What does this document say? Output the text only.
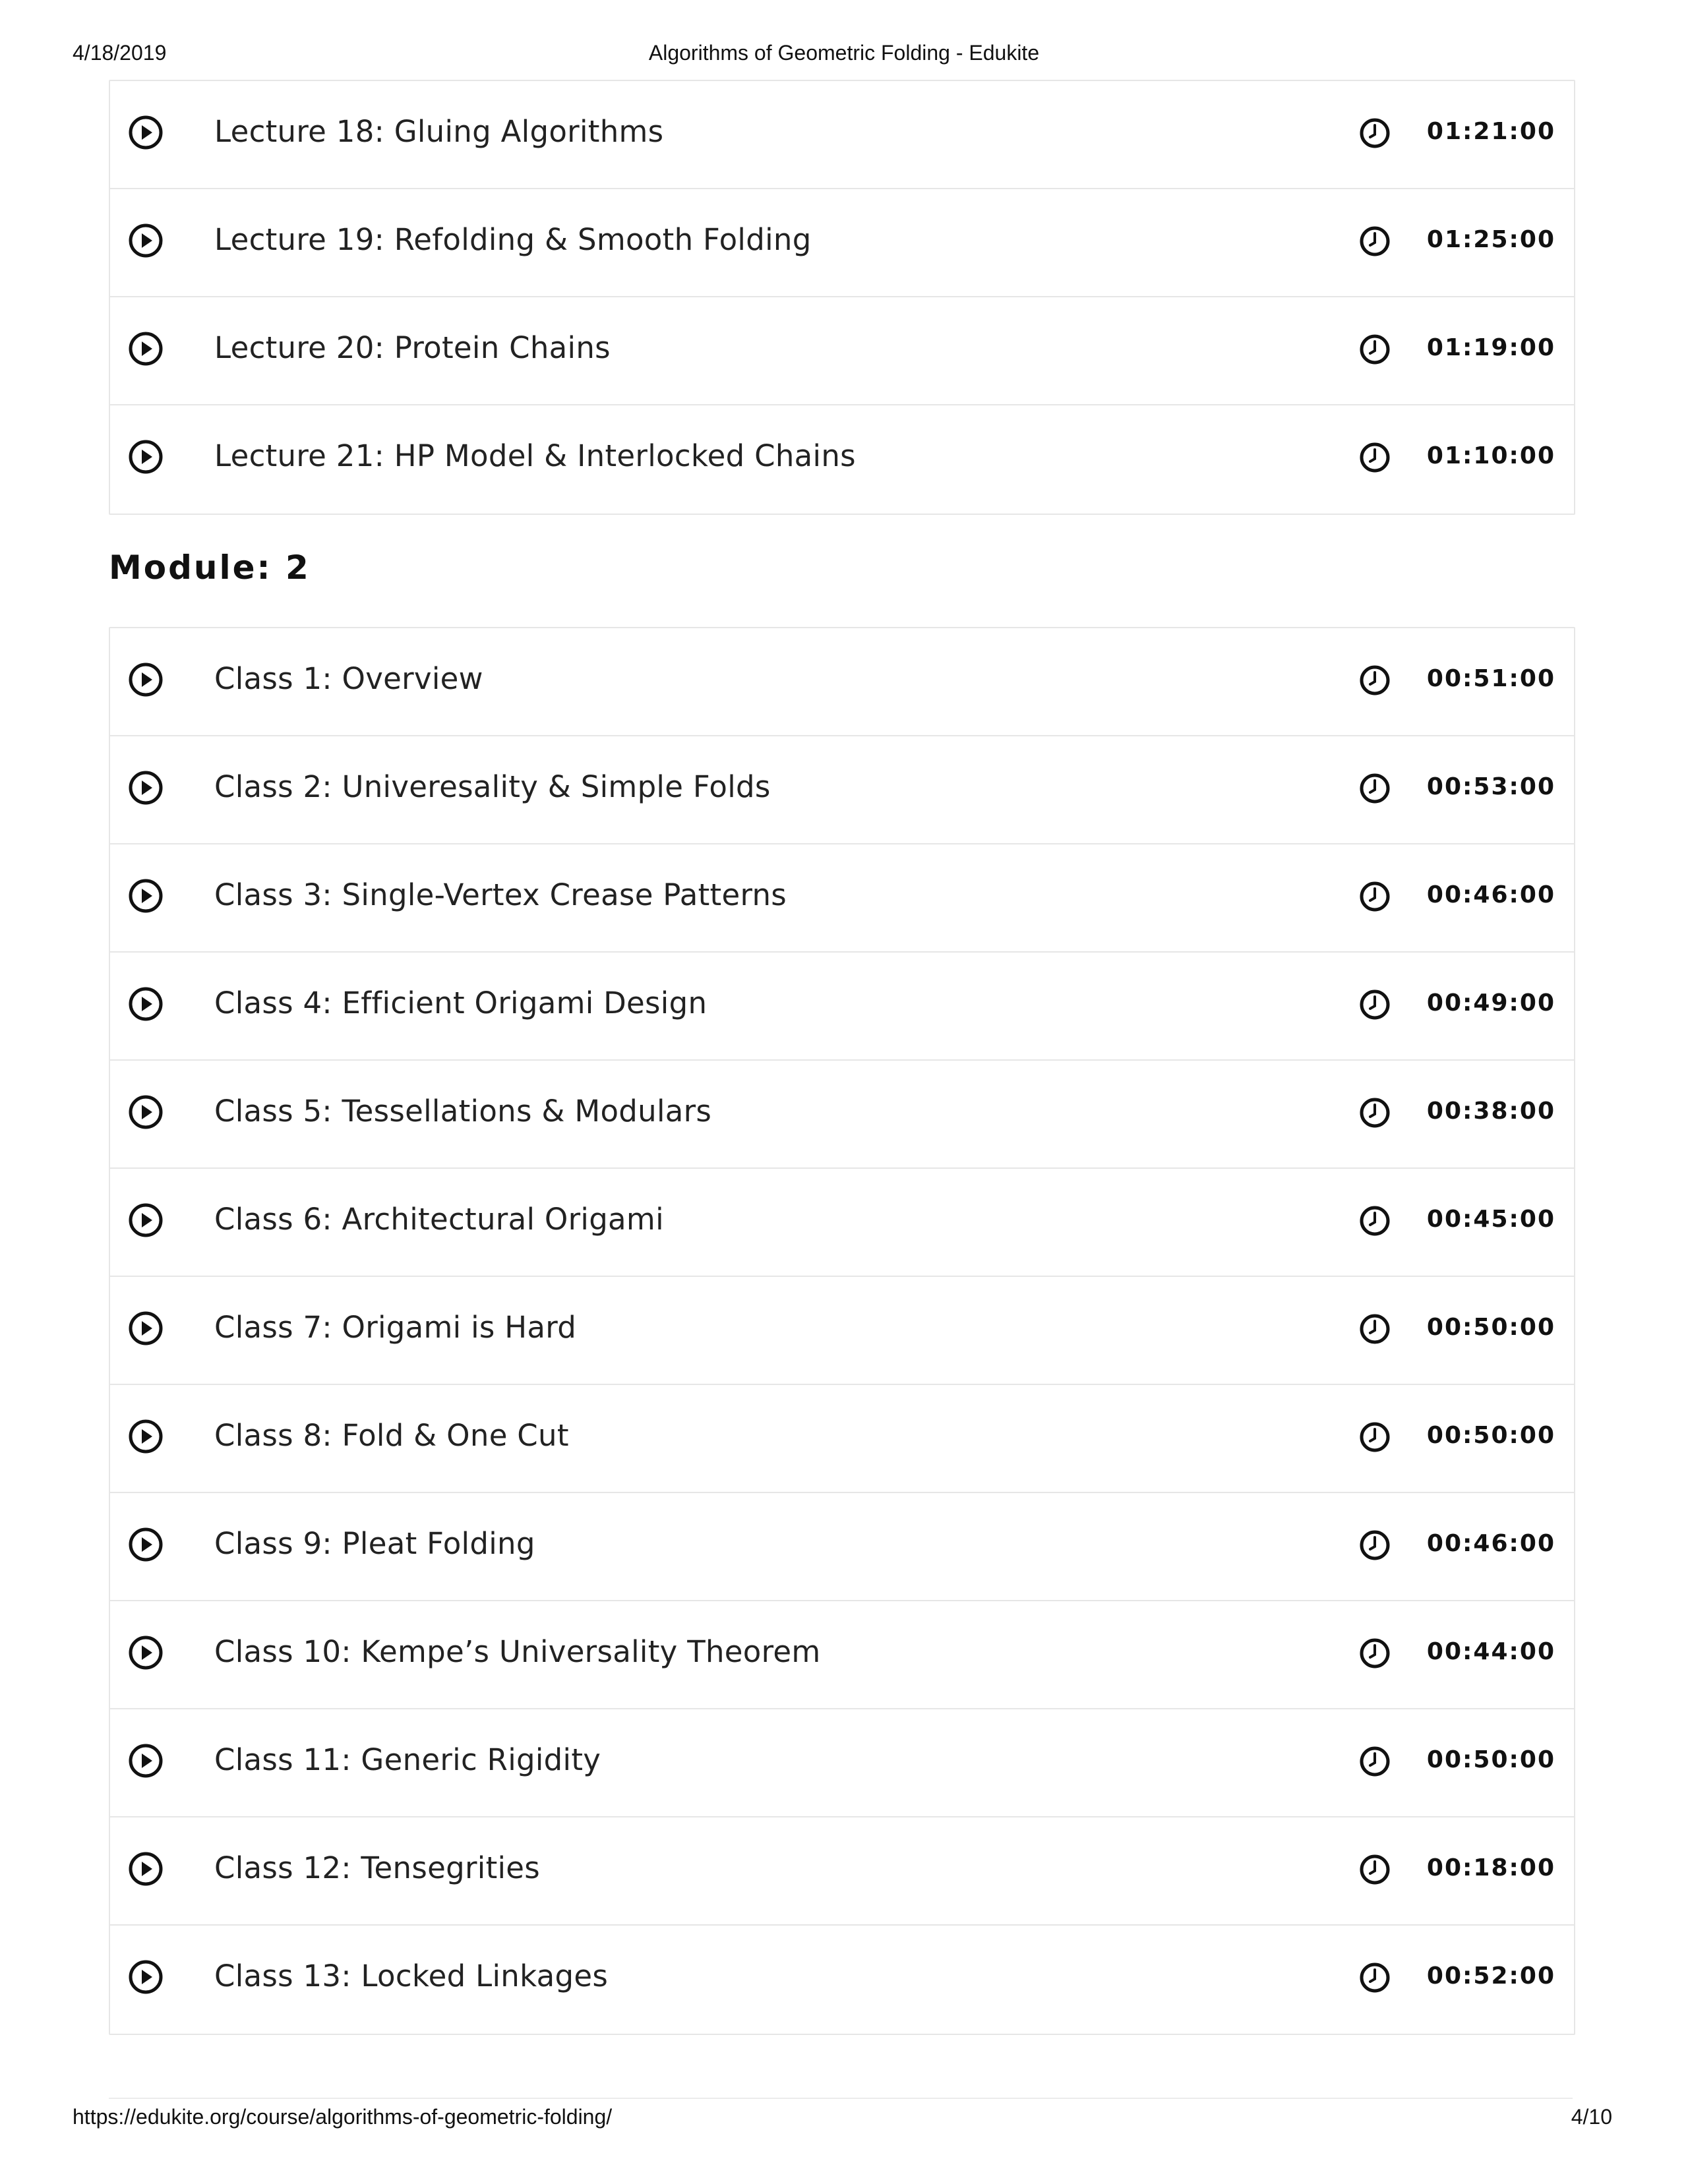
4/18/2019	Algorithms of Geometric Folding - Edukite
Lecture 18: Gluing Algorithms	01:21:00
Lecture 19: Refolding & Smooth Folding	01:25:00
Lecture 20: Protein Chains	01:19:00
Lecture 21: HP Model & Interlocked Chains	01:10:00
Module: 2
Class 1: Overview	00:51:00
Class 2: Univeresality & Simple Folds	00:53:00
Class 3: Single-Vertex Crease Patterns	00:46:00
Class 4: Efficient Origami Design	00:49:00
Class 5: Tessellations & Modulars	00:38:00
Class 6: Architectural Origami	00:45:00
Class 7: Origami is Hard	00:50:00
Class 8: Fold & One Cut	00:50:00
Class 9: Pleat Folding	00:46:00
Class 10: Kempe’s Universality Theorem	00:44:00
Class 11: Generic Rigidity	00:50:00
Class 12: Tensegrities	00:18:00
Class 13: Locked Linkages	00:52:00
https://edukite.org/course/algorithms-of-geometric-folding/	4/10
